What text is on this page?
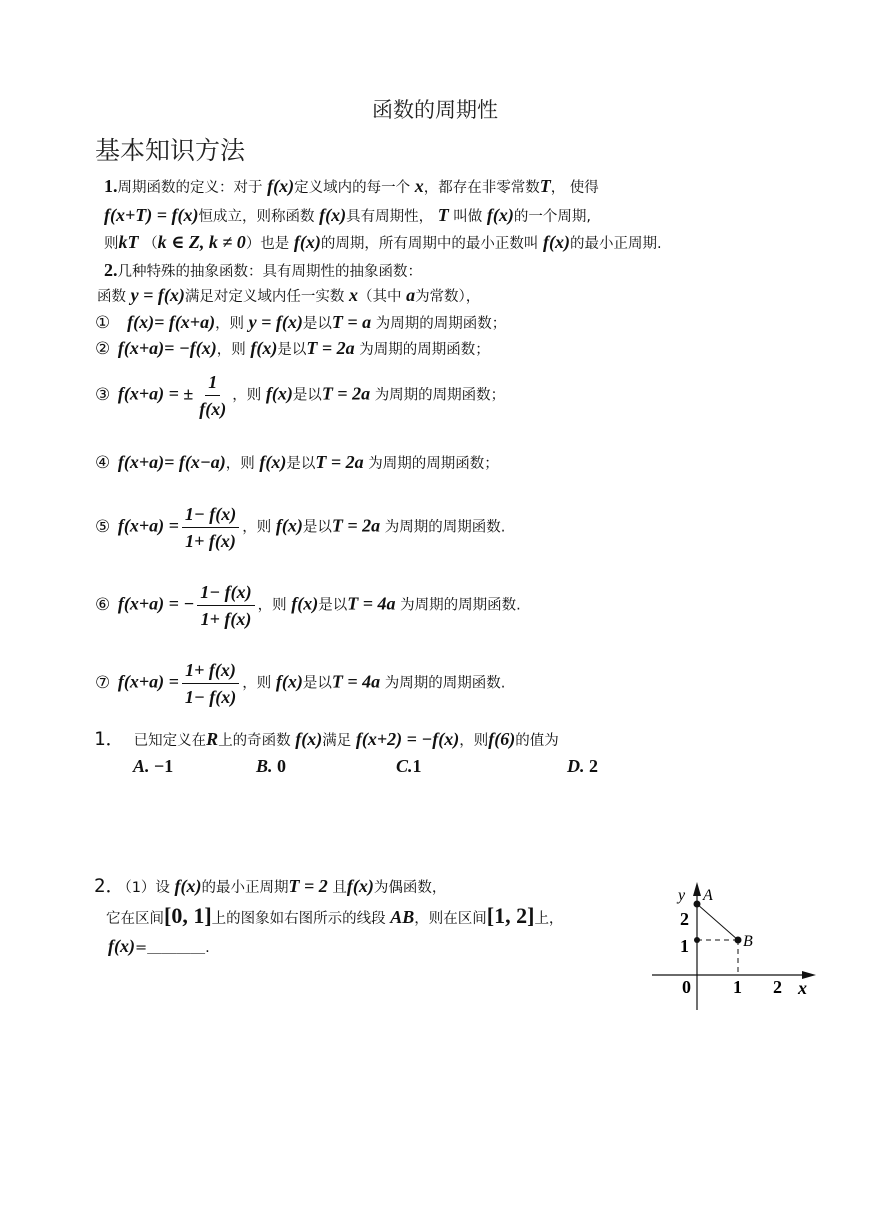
函数的周期性
基本知识方法
1.周期函数的定义：对于 f(x)定义域内的每一个 x，都存在非零常数T， 使得
f(x+T) = f(x)恒成立，则称函数 f(x)具有周期性， T 叫做 f(x)的一个周期,
则kT （k ∈ Z, k ≠ 0）也是 f(x)的周期，所有周期中的最小正数叫 f(x)的最小正周期.
2.几种特殊的抽象函数：具有周期性的抽象函数：
函数 y = f(x)满足对定义域内任一实数 x（其中 a为常数），
① f(x)= f(x+a)，则 y = f(x)是以T = a 为周期的周期函数；
② f(x+a)= −f(x)，则 f(x)是以T = 2a 为周期的周期函数；
③ f(x+a) = ± $\frac{1}{f(x)}$ ，则 f(x)是以T = 2a 为周期的周期函数；
④ f(x+a)= f(x−a)，则 f(x)是以T = 2a 为周期的周期函数；
⑤ $f(x+a) = \frac{1- f(x)}{1+ f(x)}$ ，则 f(x)是以T = 2a 为周期的周期函数.
⑥ f(x+a) = − $\frac{1- f(x)}{1+ f(x)}$ ，则 f(x)是以T = 4a 为周期的周期函数.
⑦ $f(x+a) = \frac{1+ f(x)}{1- f(x)}$ ，则 f(x)是以T = 4a 为周期的周期函数.
1． 已知定义在R上的奇函数 f(x)满足 f(x+2) = −f(x)，则f(6)的值为
A. −1	B. 0	C.1	D. 2
2．（1）设 f(x)的最小正周期T = 2 且f(x)为偶函数，
它在区间[0, 1]上的图象如右图所示的线段 AB，则在区间[1, 2]上，
f(x)=＿＿＿＿.
y A
B
2
1
0 1 2 x
